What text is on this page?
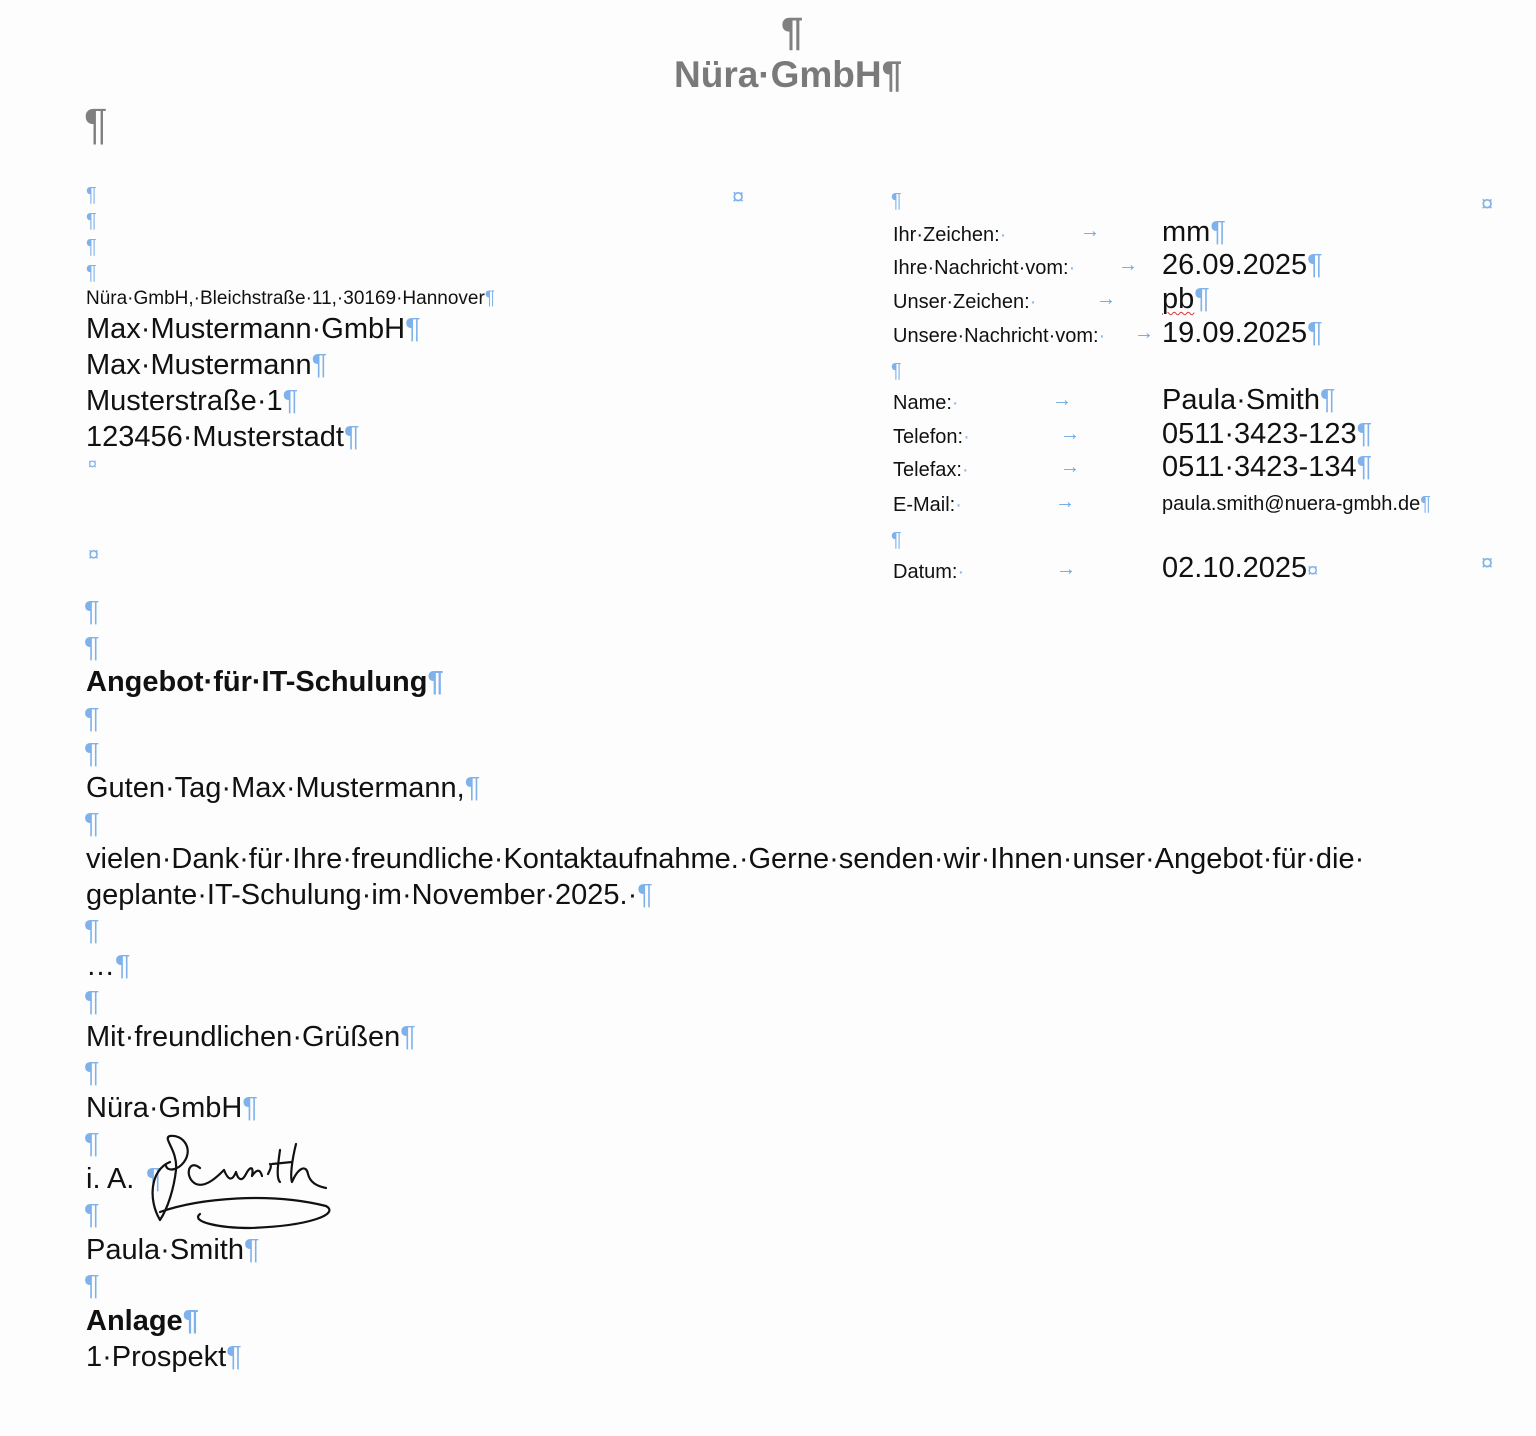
¶
Nüra·GmbH¶
¶
¶
¶
¶
¶
¤
Nüra·GmbH,·Bleichstraße·11,·30169·Hannover¶
Max·Mustermann·GmbH¶
Max·Mustermann¶
Musterstraße·1¶
123456·Musterstadt¶
¤
¤
¶	¤
Ihr·Zeichen:·	→ mm¶
Ihre·Nachricht·vom:· → 26.09.2025¶
Unser·Zeichen:·	→ pb¶
Unsere·Nachricht·vom:· → 19.09.2025¶
¶
Name:·	→	Paula·Smith¶
Telefon:·	→	0511·3423-123¶
Telefax:·	→	0511·3423-134¶
E-Mail:·	→	paula.smith@nuera-gmbh.de¶
¶
Datum:·	→	02.10.2025¤	¤
¶
¶
Angebot·für·IT-Schulung¶
¶
¶
Guten·Tag·Max·Mustermann,¶
¶
vielen·Dank·für·Ihre·freundliche·Kontaktaufnahme.·Gerne·senden·wir·Ihnen·unser·Angebot·für·die·
geplante·IT-Schulung·im·November·2025.·¶
¶
…¶
¶
Mit·freundlichen·Grüßen¶
¶
Nüra·GmbH¶
¶
i. A. ¶
¶
Paula·Smith¶
¶
Anlage¶
1·Prospekt¶
